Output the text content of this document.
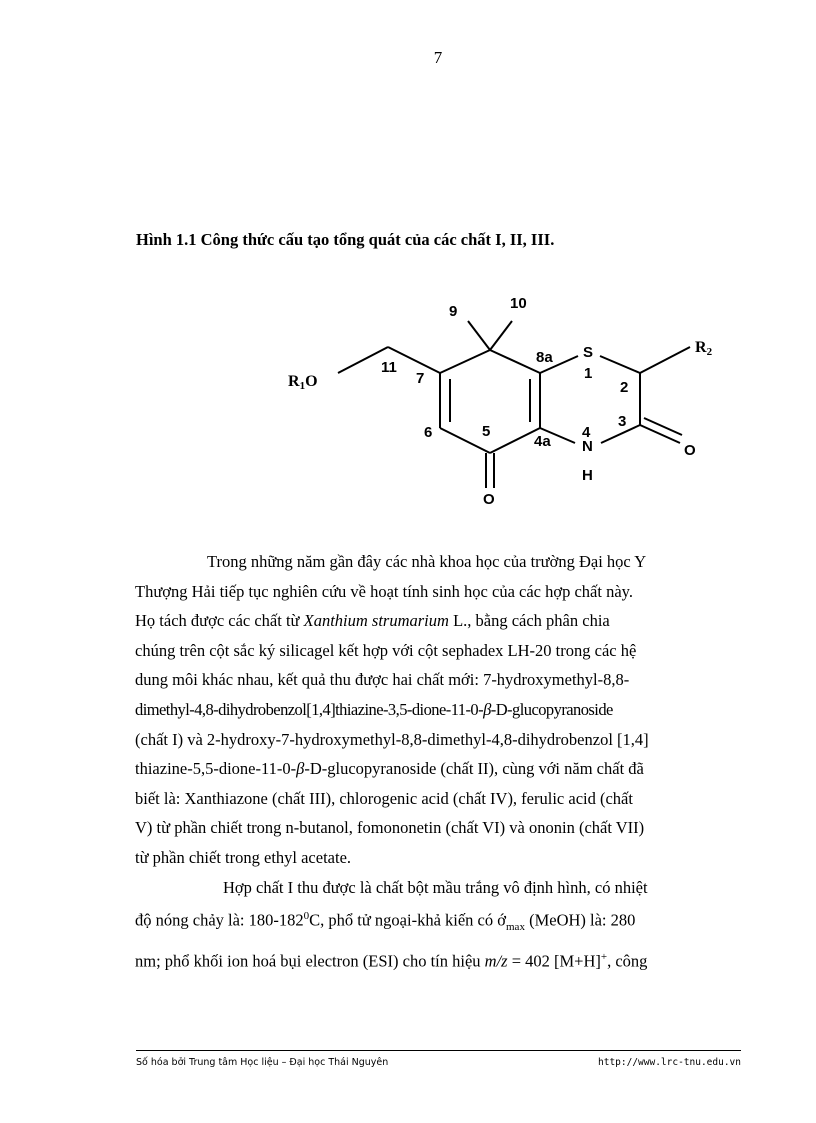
7
Hình 1.1 Công thức cấu tạo tổng quát của các chất I, II, III.
R1O
R2
S
N
H
O
O
9	10
11
7
8a
1
2
3
4
4a
5
6

Trong những năm gần đây các nhà khoa học của trường Đại học Y

Thượng Hải tiếp tục nghiên cứu về hoạt tính sinh học của các hợp chất này.

Họ tách được các chất từ Xanthium strumarium L., bằng cách phân chia

chúng trên cột sắc ký silicagel kết hợp với cột sephadex LH-20 trong các hệ

dung môi khác nhau, kết quả thu được hai chất mới: 7-hydroxymethyl-8,8-

dimethyl-4,8-dihydrobenzol[1,4]thiazine-3,5-dione-11-0-β-D-glucopyranoside

(chất I) và 2-hydroxy-7-hydroxymethyl-8,8-dimethyl-4,8-dihydrobenzol [1,4]

thiazine-5,5-dione-11-0-β-D-glucopyranoside (chất II), cùng với năm chất đã

biết là: Xanthiazone (chất III), chlorogenic acid (chất IV), ferulic acid (chất

V) từ phần chiết trong n-butanol, fomononetin (chất VI) và ononin (chất VII)

từ phần chiết trong ethyl acetate.

Hợp chất I thu được là chất bột mầu trắng vô định hình, có nhiệt

độ nóng chảy là: $180-182^0C$, phổ tử ngoại-khả kiến có ớ$_{max}$ (MeOH) là: 280

nm; phổ khối ion hoá bụi electron (ESI) cho tín hiệu m/z = 402 [M+H]+, công

Số hóa bởi Trung tâm Học liệu – Đại học Thái Nguyên	http://www.lrc-tnu.edu.vn
